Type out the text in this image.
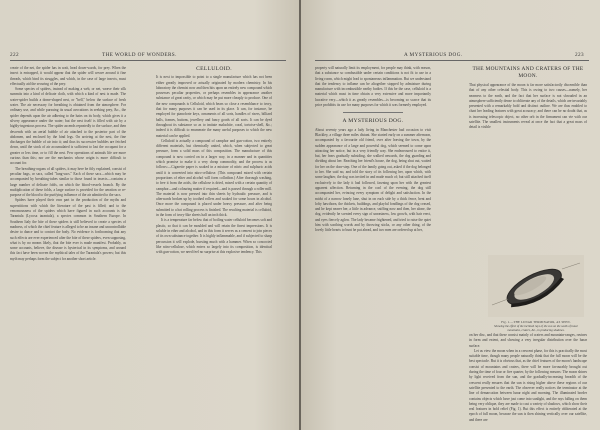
222	THE WORLD OF WONDERS.

create of the net, the spider has in wait, head down-wards, for prey. When the insect is entrapped, it would appear that the spider will weave around it fine threads, which bind its struggles, and which, in the case of large insects, must effectually aid the securing of the prey.

Some species of spiders, instead of making a web, or net, weave their silk summits into a kind of delicate cloth, with which a kind of nest is made. The water-spider builds a dome-shaped nest, or "bell," below the surface of fresh water. The air necessary for breathing is obtained from the atmosphere. For ordinary use, and while pursuing its usual avocations in seeking prey, &c., the spider depends upon the air adhering to the hairs on its body, which gives it a silvery appearance under the water; but the nest itself is filled with air by a highly-ingenious process. The spider ascends repeatedly to the surface, and then descends with an aerial bubble of air attached to the posterior part of the abdomen, and enclosed by the hind legs. On arriving at the nest, the fine discharges the bubble of air into it; and thus its successive bubbles are fetched down, until the stock of air accumulated is sufficient to last the occupant for a greater or less time, or to fill the nest. Few operations of animals life are more curious than this; nor are the mechanics whose origin is more difficult to account for.

The breathing-organs of all spiders, it may here be fitly explained, consist of peculiar bags, or sacs, called "lung-sacs." Each of these sacs—which may be accompanied by breathing-tubes similar to those found in insects—contains a large number of delicate folds, on which the blood-vessels branch. By the multiplication of these folds, a large surface is provided for the aeration or re-purpose of the blood to the purifying influence of the air admitted to the sacs.

Spiders have played their own part in the production of the myths and superstitions with which the literature of the past is filled; and to the venomousness of the spiders which have figured in such accounts is the Tarantula (Lycosa tarantula), a species common in Southern Europe. In Southern Italy the bite of these spiders is still believed to create a species of madness, of which the chief feature is alleged to be an insane and uncontrollable desire to dance and to contort the body. No evidence is forthcoming that any such effects are ever experienced after the bite of these spiders, even supposing, what is by no means likely, that the bite ever is made manifest. Probably, as some accounts, believe, the disease is hysterical in its symptoms, and around this fact have been woven the mythical tales of the Tarantula's powers; but this myth may perhaps form the subject for another short article.

CELLULOID.

It is next to impossible to point to a single manufacture which has not been either greatly improved or actually originated by modern chemistry. In his laboratory the chemist now and then hits upon an entirely new compound which possesses peculiar properties, or perhaps resembles in appearance another substance of great rarity, or which may be put more cheaply to produce. One of the new compounds is Celluloid, which bears so close a resemblance to ivory, that for many purposes it can be used in its place. It can, for instance, be employed for pianoforte keys, ornaments of all sorts, handles of risers, billiard balls, frames, buttons, jewellery and fancy goods of all sorts. It can be dyed throughout its substance so as to imitate malachite, coral, tortoise-shell, &c.; indeed it is difficult to enumerate the many useful purposes to which the new material can be applied.

Celluloid is actually a compound of camphor and gun-cotton, two entirely different materials, but chemically united, which, when subjected to great pressure, form a solid mass of this composition. The manufacture of this compound is now carried on in a larger way, in a manner and in quantities which promise to make it a very cheap commodity, and the process is as follows:—Cigarette paper is soaked in a mixture of nitric and sulphuric acids until it is converted into nitro-cellulose. (This compound mixed with certain proportions of ether and alcohol will form collodion.) After thorough washing, to free it from the acids, the cellulose is dried, mixed with a certain quantity of camphor—and colouring matter if required—and is passed through a roller mill. The material is now pressed into thin sheets by hydraulic pressure, and is afterwards broken up by toothed rollers and soaked for some hours in alcohol. Once more the compound is placed under heavy pressure, and after being submitted to a hot rolling process is finished. The resulting material is celluloid, in the form of ivory-like sheets half an inch thick.

It is a temperature far below that of boiling water celluloid becomes soft and plastic, so that it can be moulded and will retain the finest impressions. It is soluble in ether and alcohol, and in this form it serves as a cement to join pieces of its own substance together. It is highly inflammable, and if subjected to sharp percussion it will explode, bursting much with a hammer. When so concocted like nitro-cellulose, which enters so largely into its composition, is identical with gun-cotton, we need feel no surprise at this explosive tendency. This

A MYSTERIOUS DOG.	223

property will naturally limit its employment, for people may think, with reason, that a substance so combustible under certain conditions is not fit to use in a living room, which might lead to spontaneous inflammation. But we understand that the tendency to inflame can be altogether stopped by admixture during manufacture with incombustible earthy bodies. If this be the case, celluloid is a material which must in time obtain a very extensive and more importantly lucrative very—which it as greatly resembles—is becoming so scarce that its price prohibits its use for many purposes for which it was formerly employed.

A MYSTERIOUS DOG.

About seventy years ago a lady living in Manchester had occasion to visit Blackley, a village three miles distant. She started early on a summer afternoon, accompanied by a favourite old friend, over after leaving the town, by the sudden appearance of a large and powerful dog, which seemed to come upon attracting her notice, but in a very friendly way. She endeavoured to entice it, but, her fears gradually subsiding, she walked onwards, the dog guarding and dividing about her. Reaching her friend's house, the dog, being shut out, waited for her on the door-step. One of the family going out, asked if the dog belonged to her. She said no, and told the story of its following her, upon which, with some laughter, the dog was invited in and made much of; but still attached itself exclusively to the lady it had followed, fawning upon her with the greatest apparent affection. Returning in the cool of the evening, the dog still accompanied her, evincing every symptom of delight and satisfaction. In the midst of a narrow lonely lane, shut in on each side by a thick fence, bent and lofty hawthorn, the thickets, buildings, and playful fondlings of the dog ceased, and he kept nearer her, a little in advance, sniffing now and then, her alone, the dog, evidently he scented every sign of uneasiness, low growls, with hair erect, and eyes fiercely aglow. The lady became frightened, and tried to raise the quiet him with soothing words and by throwing sticks, or any other thing, of the lovely little hearts to bunt he put ahead, and two men are ordered up at her,

THE MOUNTAINS AND CRATERS OF THE MOON.

That physical appearance of the moon is far more satisfactorily discernible than that of any other celestial body. This is owing to two causes—namely, her nearness to the earth, and the fact that her surface is not shrouded in an atmosphere sufficiently dense to obliterate any of the details, which are invariably presented with a remarkably bold and distinct outline. We are thus enabled to chart her leading features with great accuracy; and there can be no doubt that, as is increasing telescopic object, no other orb in the firmament can vie with our satellite. The smallest instruments reveal at once the fact that a great mass of detail is visible

Fig. 1.—THE LUNAR TERMINATOR, AS SEEN.
Showing the effect of the inclined rays of the sun on the walls of lunar mountains, craters, &c., in producing shadows.

on her disc, and that these consist mainly of craters and mountain-ranges, ravines in form and extent, and showing a very irregular distribution over the lunar surface.

Let us view the moon when in a crescent phase, for this is practically the most suitable time, though many people naturally think that the full moon will be the best spectacle. But it is obvious that, as the chief features of the moon's landscape consist of mountains and craters, there will be more favourably brought out during the time of four or five quarter, by the following reasons: The moon shines by light received from the sun, and the gradually-increasing breadth of the crescent really ensures that the sun is rising higher above these regions of our satellite presented to the earth. The observer really notices the terminator at the line of demarcation between lunar night and morning. The illuminated border contains objects which have just come into sunlight, and the rays falling on them being very oblique, they are made to cast a variety of shadows, which show their real features in bold relief (Fig. 1). But this effect is entirely obliterated at the epoch of full moon, because the sun is then shining vertically over our satellite, and there are
